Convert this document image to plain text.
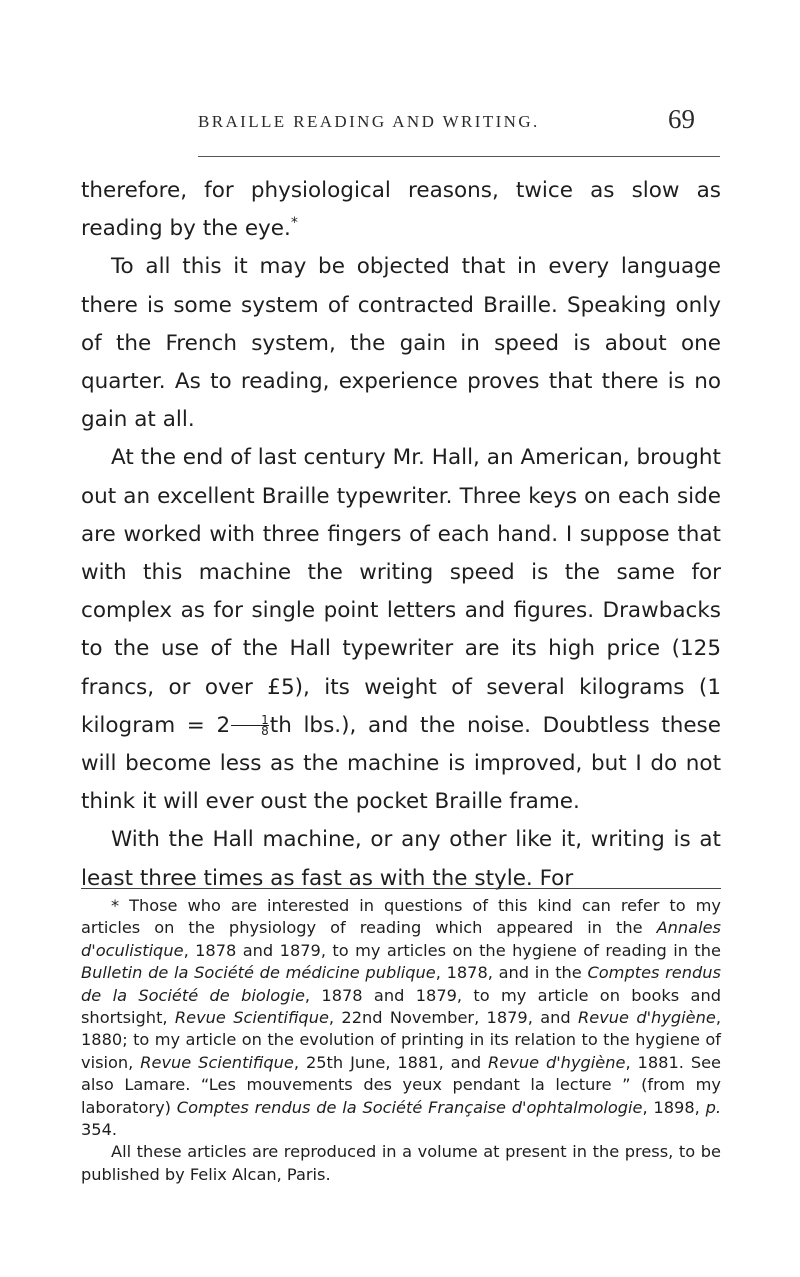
BRAILLE READING AND WRITING.	69

therefore, for physiological reasons, twice as slow as reading by the eye.*

To all this it may be objected that in every language there is some system of contracted Braille. Speaking only of the French system, the gain in speed is about one quarter. As to reading, experience proves that there is no gain at all.

At the end of last century Mr. Hall, an American, brought out an excellent Braille typewriter. Three keys on each side are worked with three fingers of each hand. I suppose that with this machine the writing speed is the same for complex as for single point letters and figures. Drawbacks to the use of the Hall typewriter are its high price (125 francs, or over £5), its weight of several kilograms (1 kilogram = $2 \frac{1}{8}$ th lbs.), and the noise. Doubtless these will become less as the machine is improved, but I do not think it will ever oust the pocket Braille frame.

With the Hall machine, or any other like it, writing is at least three times as fast as with the style. For

* Those who are interested in questions of this kind can refer to my articles on the physiology of reading which appeared in the Annales d'oculistique, 1878 and 1879, to my articles on the hygiene of reading in the Bulletin de la Société de médicine publique, 1878, and in the Comptes rendus de la Société de biologie, 1878 and 1879, to my article on books and shortsight, Revue Scientifique, 22nd November, 1879, and Revue d'hygiène, 1880; to my article on the evolution of printing in its relation to the hygiene of vision, Revue Scientifique, 25th June, 1881, and Revue d'hygiène, 1881. See also Lamare. “Les mouvements des yeux pendant la lecture ” (from my laboratory) Comptes rendus de la Société Française d'ophtalmologie, 1898, p. 354.

All these articles are reproduced in a volume at present in the press, to be published by Felix Alcan, Paris.
